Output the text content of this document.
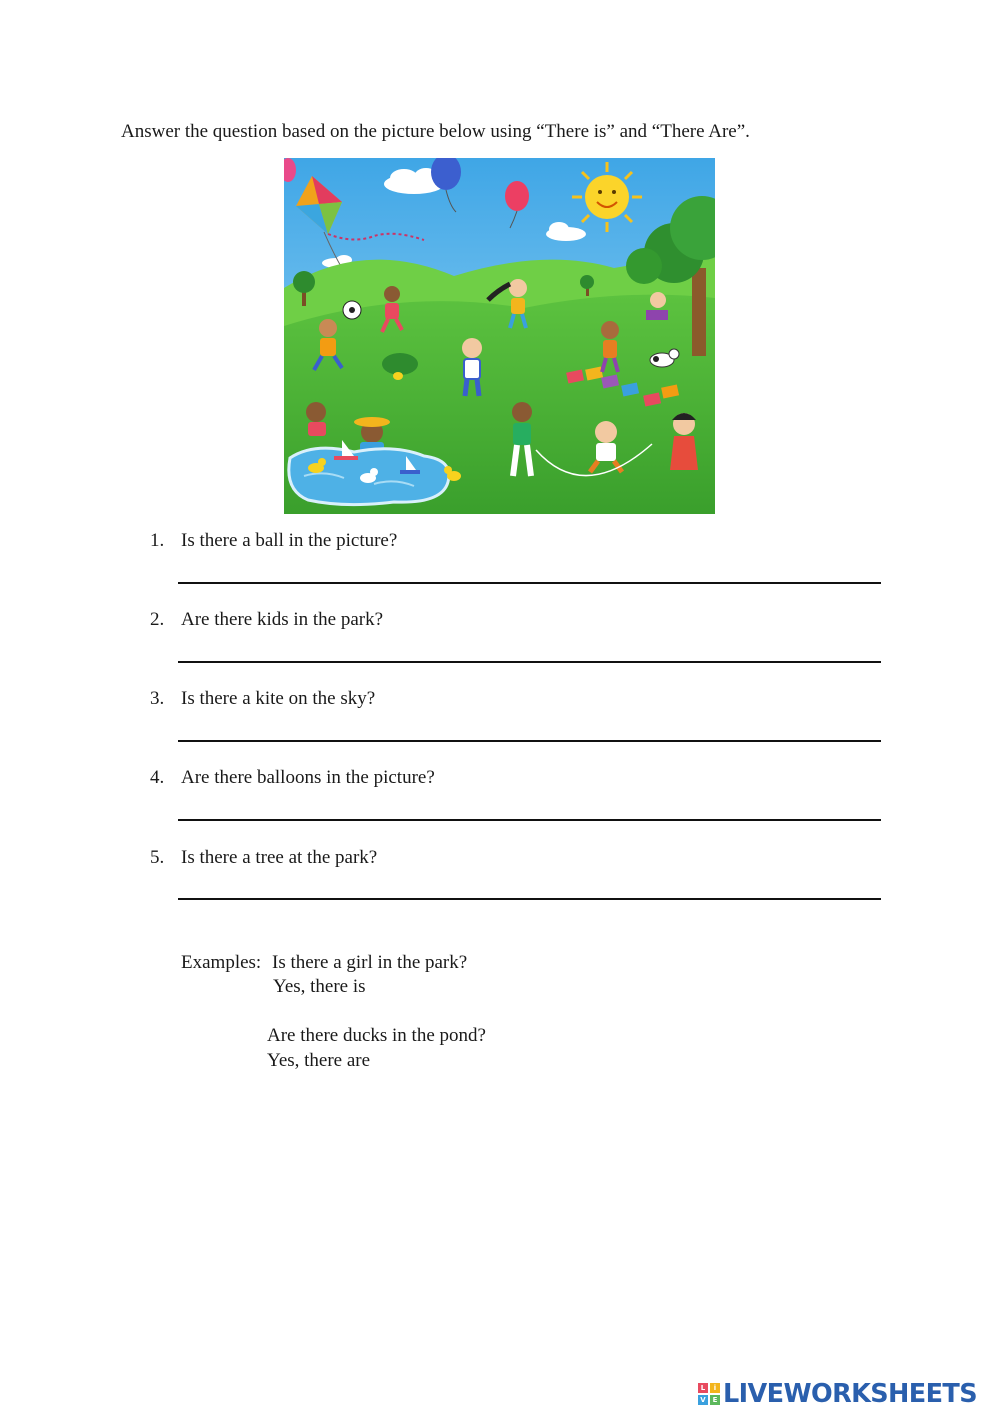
Answer the question based on the picture below using “There is” and “There Are”.
1. Is there a ball in the picture?
2. Are there kids in the park?
3. Is there a kite on the sky?
4. Are there balloons in the picture?
5. Is there a tree at the park?
Examples: Is there a girl in the park?
Yes, there is
Are there ducks in the pond?
Yes, there are
L	i
V E LIVEWORKSHEETS
